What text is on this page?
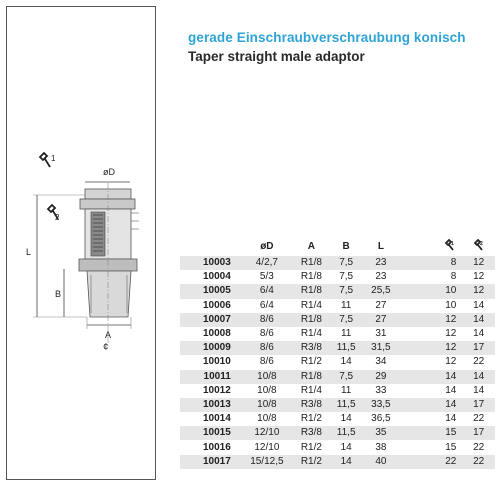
1
2
øD
L
B
A
¢
gerade Einschraubverschraubung konisch
Taper straight male adaptor
	øD	A	B	L	1	2

10003	4/2,7	R1/8	7,5	23	8	12
10004	5/3	R1/8	7,5	23	8	12
10005	6/4	R1/8	7,5	25,5	10	12
10006	6/4	R1/4	11	27	10	14
10007	8/6	R1/8	7,5	27	12	14
10008	8/6	R1/4	11	31	12	14
10009	8/6	R3/8	11,5	31,5	12	17
10010	8/6	R1/2	14	34	12	22
10011	10/8	R1/8	7,5	29	14	14
10012	10/8	R1/4	11	33	14	14
10013	10/8	R3/8	11,5	33,5	14	17
10014	10/8	R1/2	14	36,5	14	22
10015	12/10	R3/8	11,5	35	15	17
10016	12/10	R1/2	14	38	15	22
10017	15/12,5	R1/2	14	40	22	22
